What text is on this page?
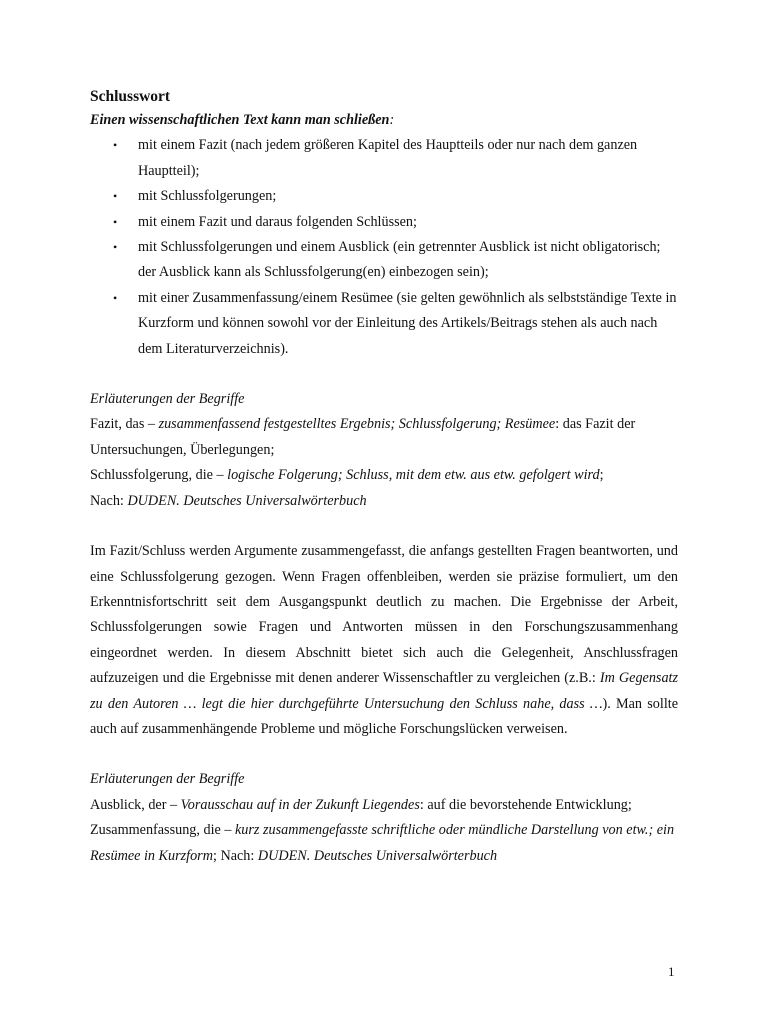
Schlusswort

Einen wissenschaftlichen Text kann man schließen:

• mit einem Fazit (nach jedem größeren Kapitel des Hauptteils oder nur nach dem ganzen Hauptteil);
• mit Schlussfolgerungen;
• mit einem Fazit und daraus folgenden Schlüssen;
• mit Schlussfolgerungen und einem Ausblick (ein getrennter Ausblick ist nicht obligatorisch; der Ausblick kann als Schlussfolgerung(en) einbezogen sein);
• mit einer Zusammenfassung/einem Resümee (sie gelten gewöhnlich als selbstständige Texte in Kurzform und können sowohl vor der Einleitung des Artikels/Beitrags stehen als auch nach dem Literaturverzeichnis).

Erläuterungen der Begriffe

Fazit, das – zusammenfassend festgestelltes Ergebnis; Schlussfolgerung; Resümee: das Fazit der Untersuchungen, Überlegungen;

Schlussfolgerung, die – logische Folgerung; Schluss, mit dem etw. aus etw. gefolgert wird;

Nach: DUDEN. Deutsches Universalwörterbuch

Im Fazit/Schluss werden Argumente zusammengefasst, die anfangs gestellten Fragen beantworten, und eine Schlussfolgerung gezogen. Wenn Fragen offenbleiben, werden sie präzise formuliert, um den Erkenntnisfortschritt seit dem Ausgangspunkt deutlich zu machen. Die Ergebnisse der Arbeit, Schlussfolgerungen sowie Fragen und Antworten müssen in den Forschungszusammenhang eingeordnet werden. In diesem Abschnitt bietet sich auch die Gelegenheit, Anschlussfragen aufzuzeigen und die Ergebnisse mit denen anderer Wissenschaftler zu vergleichen (z.B.: Im Gegensatz zu den Autoren … legt die hier durchgeführte Untersuchung den Schluss nahe, dass …). Man sollte auch auf zusammenhängende Probleme und mögliche Forschungslücken verweisen.

Erläuterungen der Begriffe

Ausblick, der – Vorausschau auf in der Zukunft Liegendes: auf die bevorstehende Entwicklung;

Zusammenfassung, die – kurz zusammengefasste schriftliche oder mündliche Darstellung von etw.; ein Resümee in Kurzform; Nach: DUDEN. Deutsches Universalwörterbuch

1
